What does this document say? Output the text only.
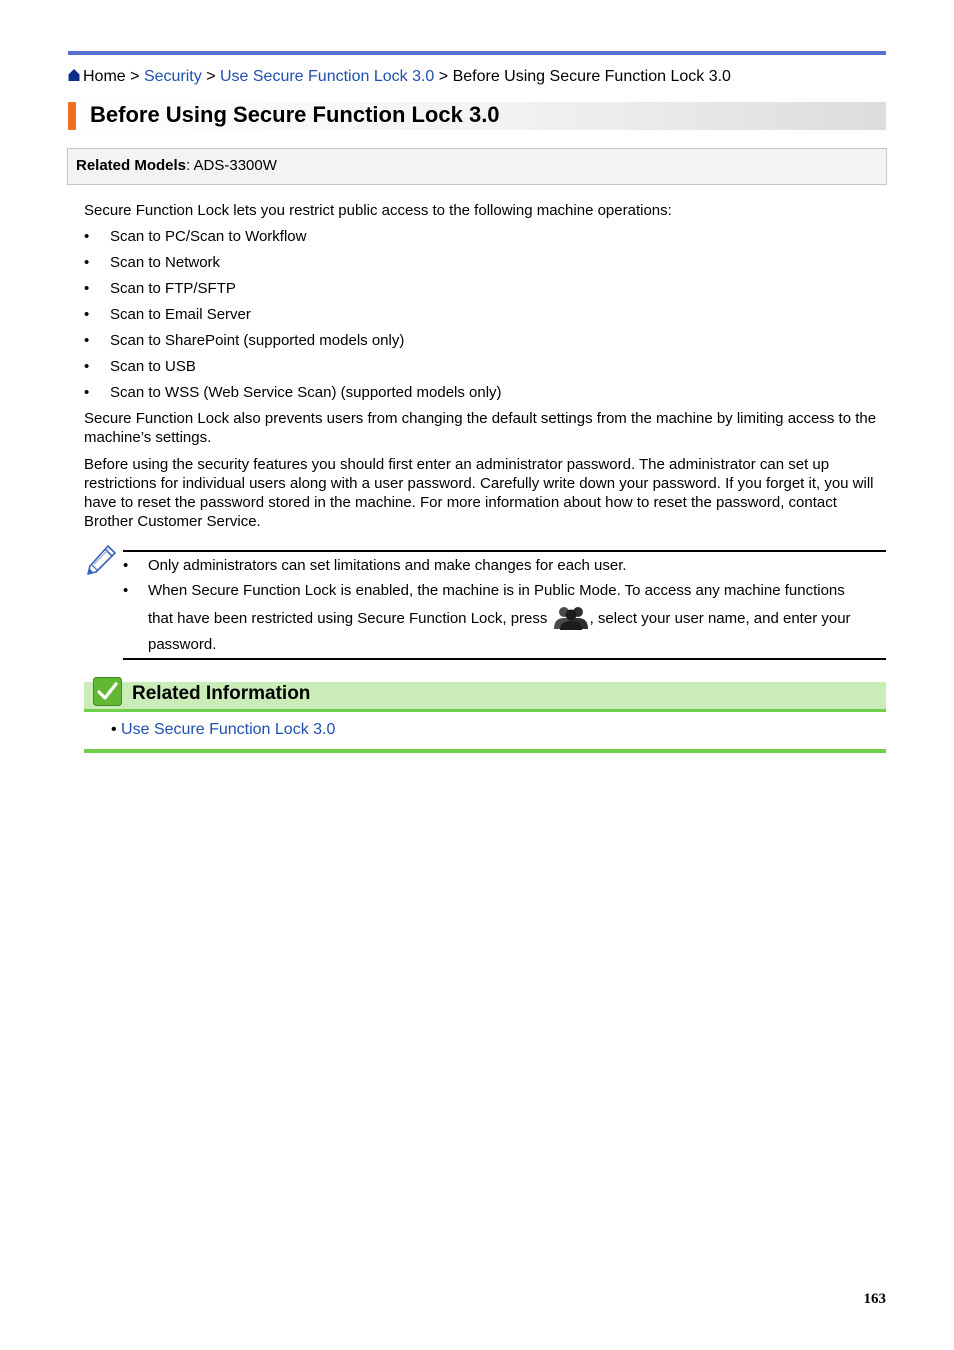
Home > Security > Use Secure Function Lock 3.0 > Before Using Secure Function Lock 3.0
Before Using Secure Function Lock 3.0
Related Models: ADS-3300W

Secure Function Lock lets you restrict public access to the following machine operations:

• Scan to PC/Scan to Workflow
• Scan to Network
• Scan to FTP/SFTP
• Scan to Email Server
• Scan to SharePoint (supported models only)
• Scan to USB
• Scan to WSS (Web Service Scan) (supported models only)

Secure Function Lock also prevents users from changing the default settings from the machine by limiting access to the machine’s settings.

Before using the security features you should first enter an administrator password. The administrator can set up restrictions for individual users along with a user password. Carefully write down your password. If you forget it, you will have to reset the password stored in the machine. For more information about how to reset the password, contact Brother Customer Service.

• Only administrators can set limitations and make changes for each user.
• When Secure Function Lock is enabled, the machine is in Public Mode. To access any machine functions that have been restricted using Secure Function Lock, press	, select your user name, and enter your password.
Related Information
• Use Secure Function Lock 3.0
163
